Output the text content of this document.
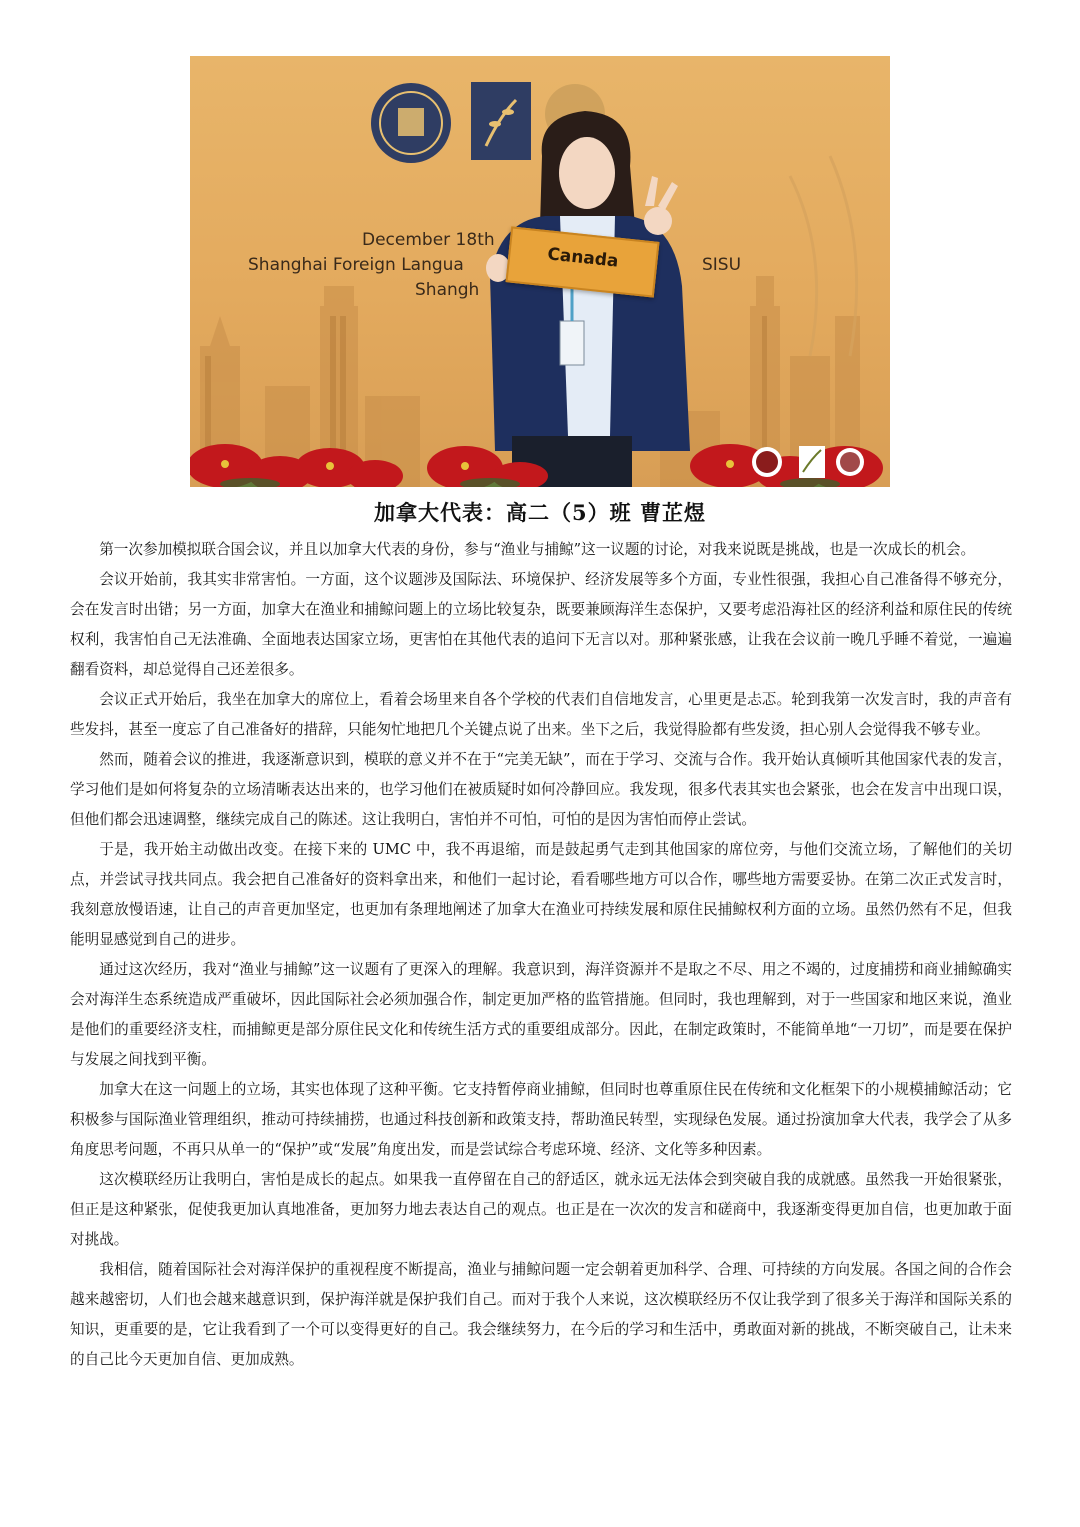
December 18th
Shanghai Foreign Langua	SISU
Shangh
Canada
加拿大代表：高二（5）班 曹芷煜

第一次参加模拟联合国会议，并且以加拿大代表的身份，参与“渔业与捕鲸”这一议题的讨论，对我来说既是挑战，也是一次成长的机会。

会议开始前，我其实非常害怕。一方面，这个议题涉及国际法、环境保护、经济发展等多个方面，专业性很强，我担心自己准备得不够充分，会在发言时出错；另一方面，加拿大在渔业和捕鲸问题上的立场比较复杂，既要兼顾海洋生态保护，又要考虑沿海社区的经济利益和原住民的传统权利，我害怕自己无法准确、全面地表达国家立场，更害怕在其他代表的追问下无言以对。那种紧张感，让我在会议前一晚几乎睡不着觉，一遍遍翻看资料，却总觉得自己还差很多。

会议正式开始后，我坐在加拿大的席位上，看着会场里来自各个学校的代表们自信地发言，心里更是忐忑。轮到我第一次发言时，我的声音有些发抖，甚至一度忘了自己准备好的措辞，只能匆忙地把几个关键点说了出来。坐下之后，我觉得脸都有些发烫，担心别人会觉得我不够专业。

然而，随着会议的推进，我逐渐意识到，模联的意义并不在于“完美无缺”，而在于学习、交流与合作。我开始认真倾听其他国家代表的发言，学习他们是如何将复杂的立场清晰表达出来的，也学习他们在被质疑时如何冷静回应。我发现，很多代表其实也会紧张，也会在发言中出现口误，但他们都会迅速调整，继续完成自己的陈述。这让我明白，害怕并不可怕，可怕的是因为害怕而停止尝试。

于是，我开始主动做出改变。在接下来的 UMC 中，我不再退缩，而是鼓起勇气走到其他国家的席位旁，与他们交流立场，了解他们的关切点，并尝试寻找共同点。我会把自己准备好的资料拿出来，和他们一起讨论，看看哪些地方可以合作，哪些地方需要妥协。在第二次正式发言时，我刻意放慢语速，让自己的声音更加坚定，也更加有条理地阐述了加拿大在渔业可持续发展和原住民捕鲸权利方面的立场。虽然仍然有不足，但我能明显感觉到自己的进步。

通过这次经历，我对“渔业与捕鲸”这一议题有了更深入的理解。我意识到，海洋资源并不是取之不尽、用之不竭的，过度捕捞和商业捕鲸确实会对海洋生态系统造成严重破坏，因此国际社会必须加强合作，制定更加严格的监管措施。但同时，我也理解到，对于一些国家和地区来说，渔业是他们的重要经济支柱，而捕鲸更是部分原住民文化和传统生活方式的重要组成部分。因此，在制定政策时，不能简单地“一刀切”，而是要在保护与发展之间找到平衡。

加拿大在这一问题上的立场，其实也体现了这种平衡。它支持暂停商业捕鲸，但同时也尊重原住民在传统和文化框架下的小规模捕鲸活动；它积极参与国际渔业管理组织，推动可持续捕捞，也通过科技创新和政策支持，帮助渔民转型，实现绿色发展。通过扮演加拿大代表，我学会了从多角度思考问题，不再只从单一的“保护”或“发展”角度出发，而是尝试综合考虑环境、经济、文化等多种因素。

这次模联经历让我明白，害怕是成长的起点。如果我一直停留在自己的舒适区，就永远无法体会到突破自我的成就感。虽然我一开始很紧张，但正是这种紧张，促使我更加认真地准备，更加努力地去表达自己的观点。也正是在一次次的发言和磋商中，我逐渐变得更加自信，也更加敢于面对挑战。

我相信，随着国际社会对海洋保护的重视程度不断提高，渔业与捕鲸问题一定会朝着更加科学、合理、可持续的方向发展。各国之间的合作会越来越密切，人们也会越来越意识到，保护海洋就是保护我们自己。而对于我个人来说，这次模联经历不仅让我学到了很多关于海洋和国际关系的知识，更重要的是，它让我看到了一个可以变得更好的自己。我会继续努力，在今后的学习和生活中，勇敢面对新的挑战，不断突破自己，让未来的自己比今天更加自信、更加成熟。
